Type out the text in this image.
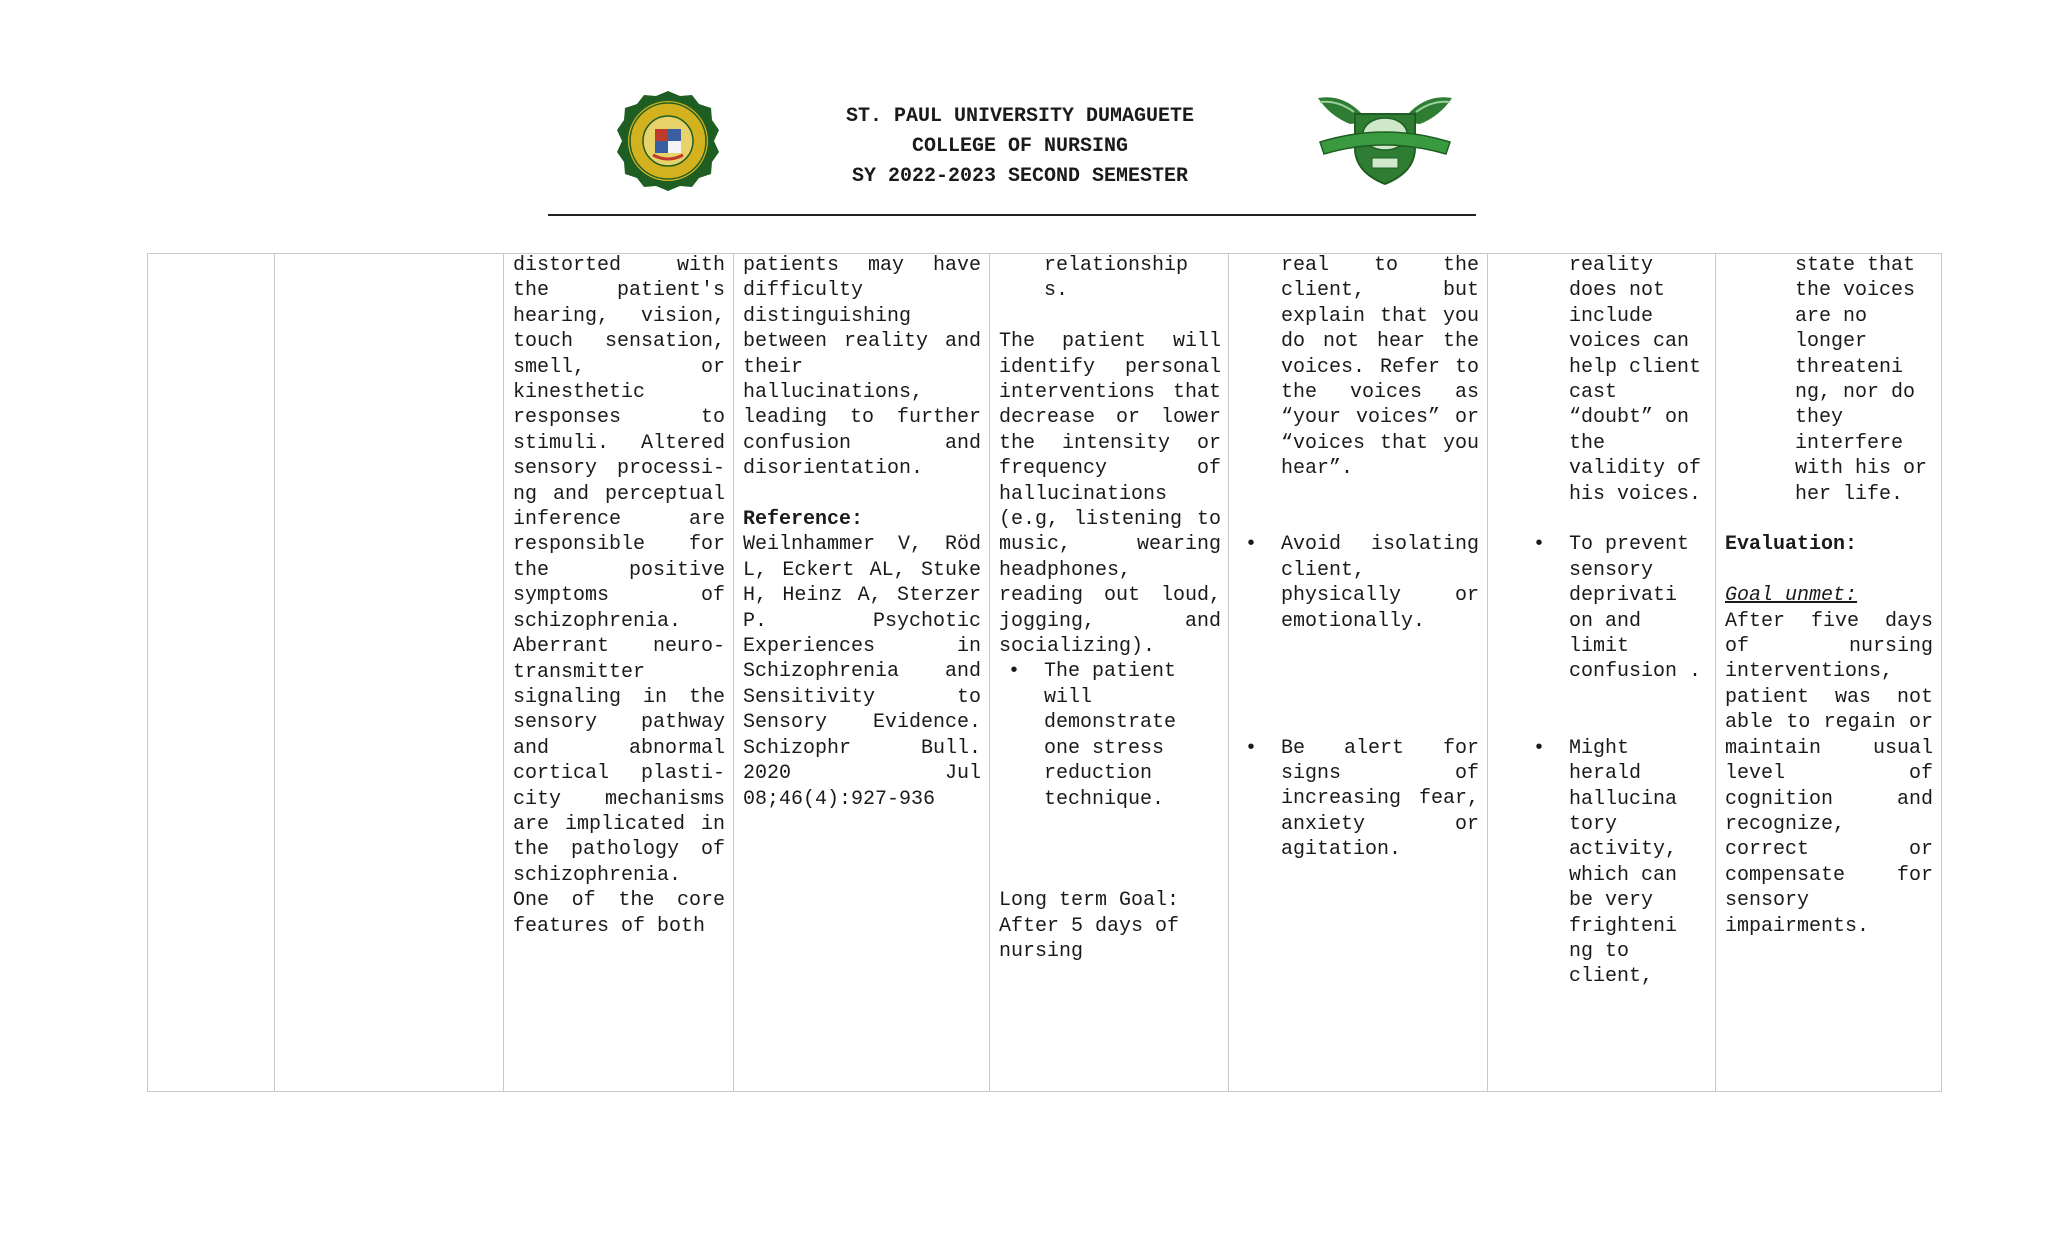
ST. PAUL UNIVERSITY DUMAGUETE
COLLEGE OF NURSING
SY 2022-2023 SECOND SEMESTER

distorted with the patient's hearing, vision, touch sensation, smell, or kinesthetic responses to stimuli. Altered sensory processi-ng and perceptual inference are responsible for the positive symptoms of schizophrenia. Aberrant neuro-transmitter signaling in the sensory pathway and abnormal cortical plasti-city mechanisms are implicated in the pathology of schizophrenia. One of the core features of both

patients may have difficulty distinguishing between reality and their hallucinations, leading to further confusion and disorientation.

Reference:

Weilnhammer V, Röd L, Eckert AL, Stuke H, Heinz A, Sterzer P. Psychotic Experiences in Schizophrenia and Sensitivity to Sensory Evidence. Schizophr Bull. 2020 Jul 08;46(4):927-936

relationship s.

The patient will identify personal interventions that decrease or lower the intensity or frequency of hallucinations (e.g, listening to music, wearing headphones, reading out loud, jogging, and socializing).

• The patient will demonstrate one stress reduction technique.

Long term Goal: After 5 days of nursing

real to the client, but explain that you do not hear the voices. Refer to the voices as “your voices” or “voices that you hear”.

• Avoid isolating client, physically or emotionally.
• Be alert for signs of increasing fear, anxiety or agitation.

reality does not include voices can help client cast “doubt” on the validity of his voices.

• To prevent sensory deprivati on and limit confusion .
• Might herald hallucina tory activity, which can be very frighteni ng to client,

state that the voices are no longer threateni ng, nor do they interfere with his or her life.

Evaluation:

Goal unmet:

After five days of nursing interventions, patient was not able to regain or maintain usual level of cognition and recognize, correct or compensate for sensory impairments.
